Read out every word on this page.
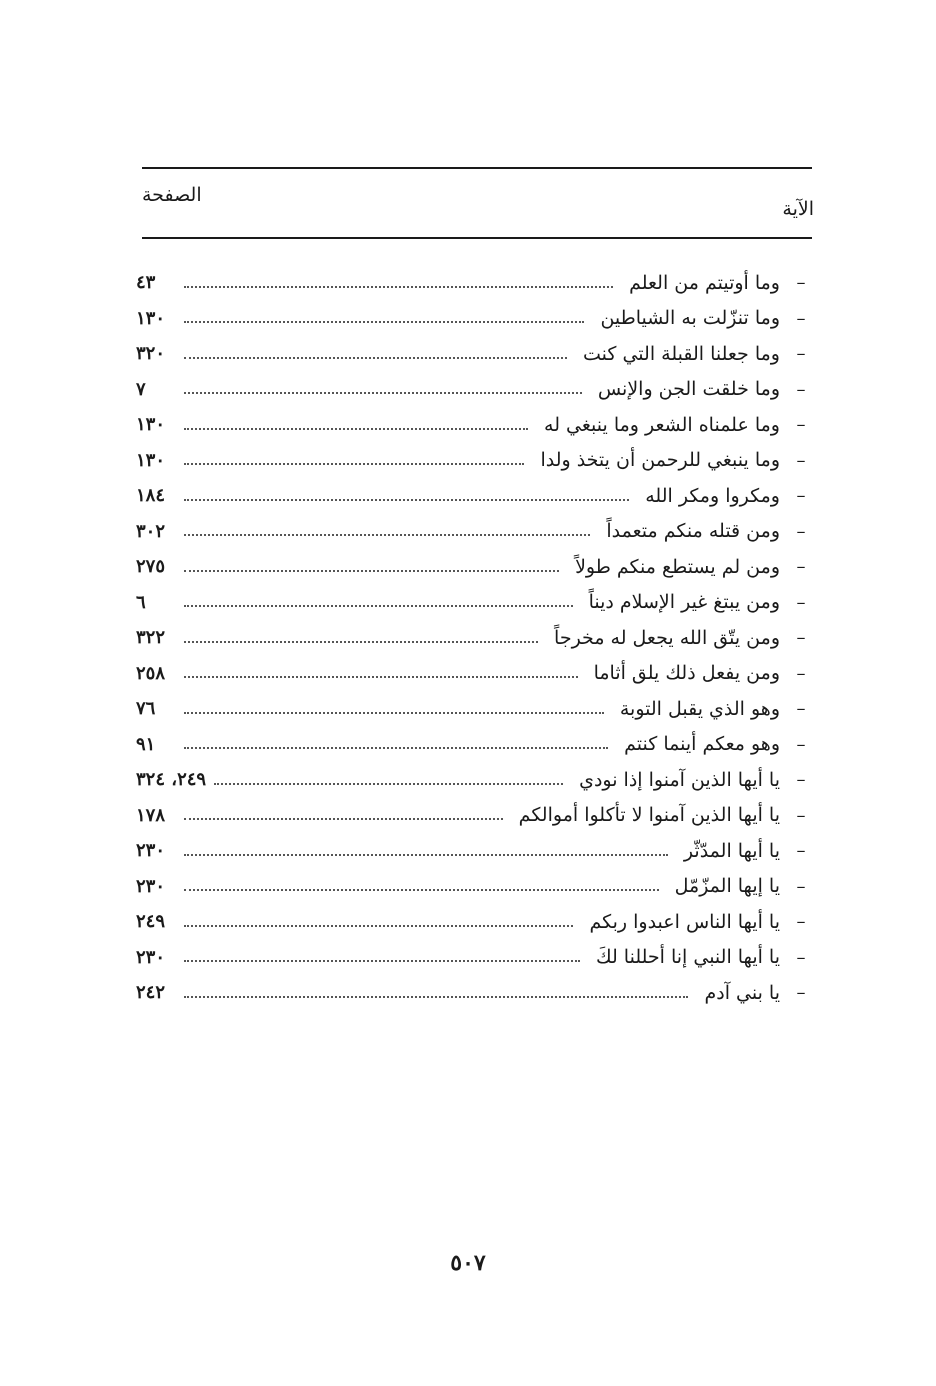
الصفحة
الآية
–
وما أوتيتم من العلم
٤٣
–
وما تنزّلت به الشياطين
١٣٠
–
وما جعلنا القبلة التي كنت
٣٢٠
–
وما خلقت الجن والإنس
٧
–
وما علمناه الشعر وما ينبغي له
١٣٠
–
وما ينبغي للرحمن أن يتخذ ولدا
١٣٠
–
ومكروا ومكر الله
١٨٤
–
ومن قتله منكم متعمداً
٣٠٢
–
ومن لم يستطع منكم طولاً
٢٧٥
–
ومن يبتغ غير الإسلام ديناً
٦
–
ومن يتّق الله يجعل له مخرجاً
٣٢٢
–
ومن يفعل ذلك يلق أثاما
٢٥٨
–
وهو الذي يقبل التوبة
٧٦
–
وهو معكم أينما كنتم
٩١
–
يا أيها الذين آمنوا إذا نودي
٢٤٩، ٣٢٤
–
يا أيها الذين آمنوا لا تأكلوا أموالكم
١٧٨
–
يا أيها المدّثّر
٢٣٠
–
يا إيها المزّمّل
٢٣٠
–
يا أيها الناس اعبدوا ربكم
٢٤٩
–
يا أيها النبي إنا أحللنا لكَ
٢٣٠
–
يا بني آدم
٢٤٢
٥٠٧
